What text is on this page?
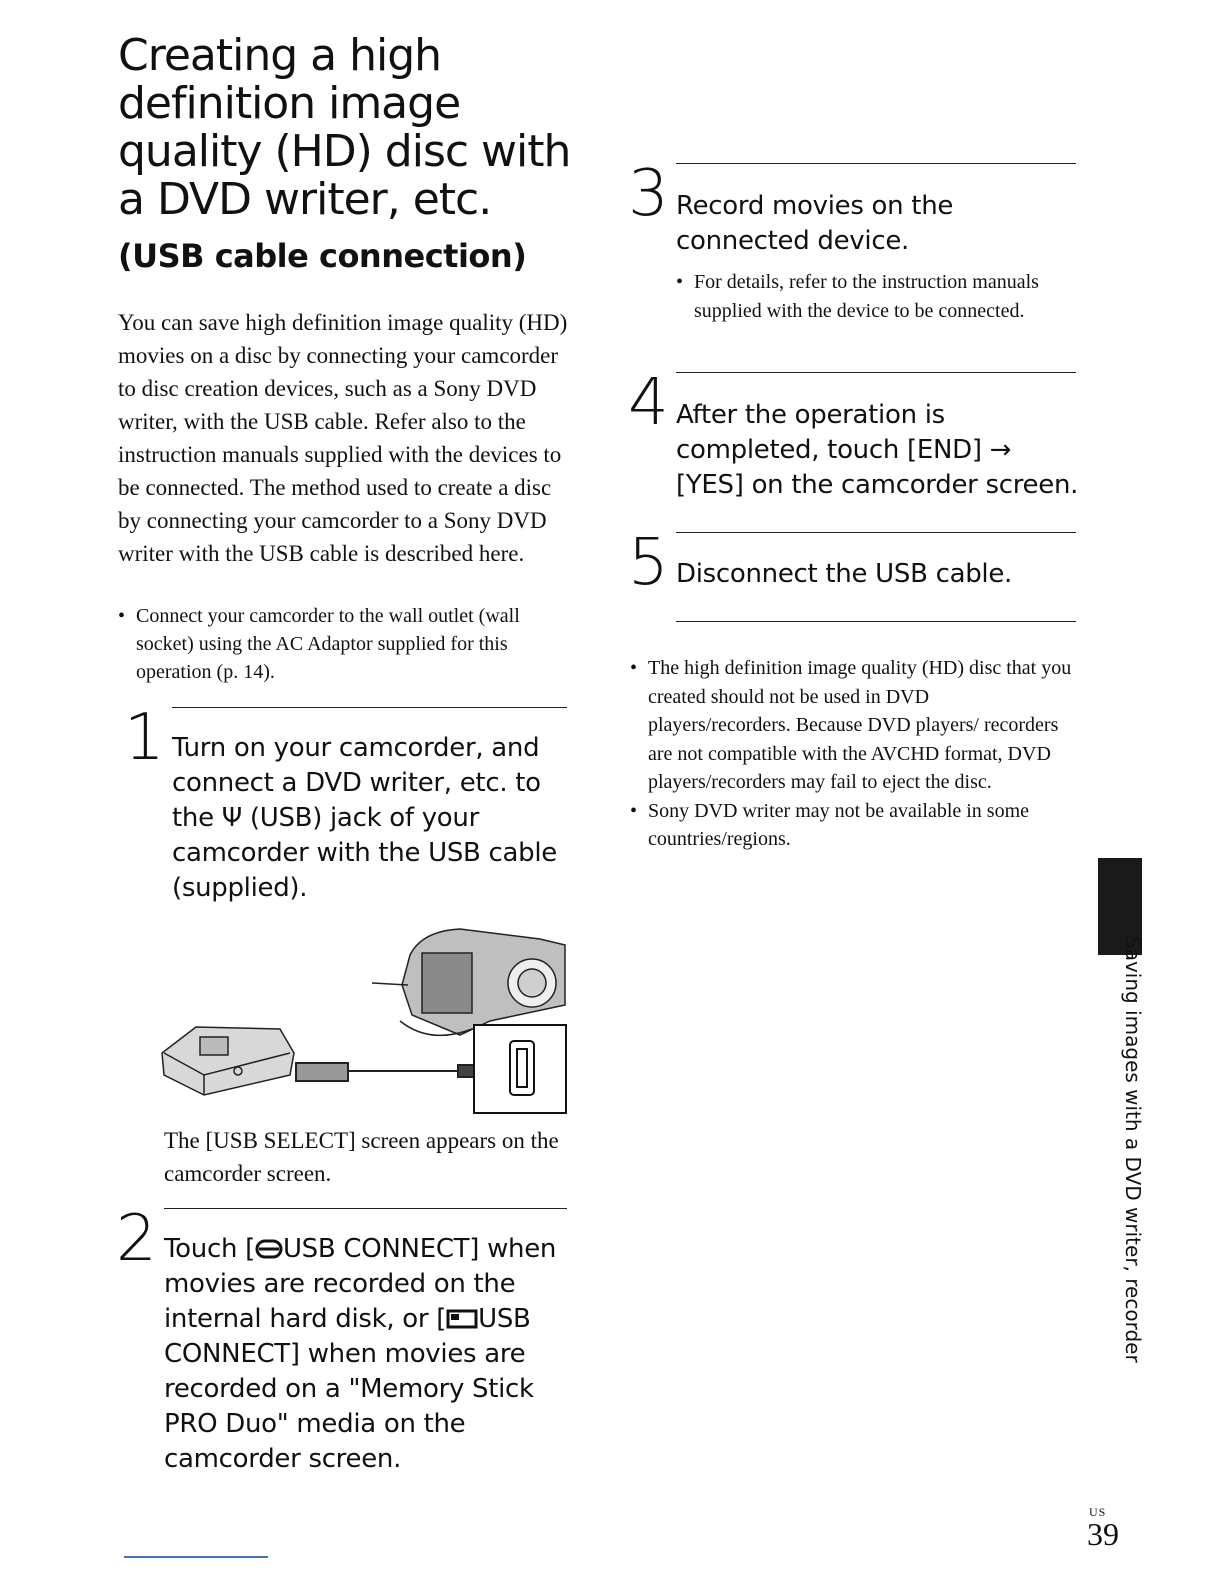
Creating a high definition image quality (HD) disc with a DVD writer, etc.
(USB cable connection)

You can save high definition image quality (HD) movies on a disc by connecting your camcorder to disc creation devices, such as a Sony DVD writer, with the USB cable. Refer also to the instruction manuals supplied with the devices to be connected. The method used to create a disc by connecting your camcorder to a Sony DVD writer with the USB cable is described here.

• Connect your camcorder to the wall outlet (wall socket) using the AC Adaptor supplied for this operation (p. 14).
1 Turn on your camcorder, and connect a DVD writer, etc. to the Ψ (USB) jack of your camcorder with the USB cable (supplied).

The [USB SELECT] screen appears on the camcorder screen.

2 Touch [ USB CONNECT] when movies are recorded on the internal hard disk, or [ USB CONNECT] when movies are recorded on a "Memory Stick PRO Duo" media on the camcorder screen.

3 Record movies on the connected device.

• For details, refer to the instruction manuals supplied with the device to be connected.
4 After the operation is completed, touch [END] → [YES] on the camcorder screen.

5 Disconnect the USB cable.

• The high definition image quality (HD) disc that you created should not be used in DVD players/recorders. Because DVD players/ recorders are not compatible with the AVCHD format, DVD players/recorders may fail to eject the disc.
• Sony DVD writer may not be available in some countries/regions.
Saving images with a DVD writer, recorder
US
39
